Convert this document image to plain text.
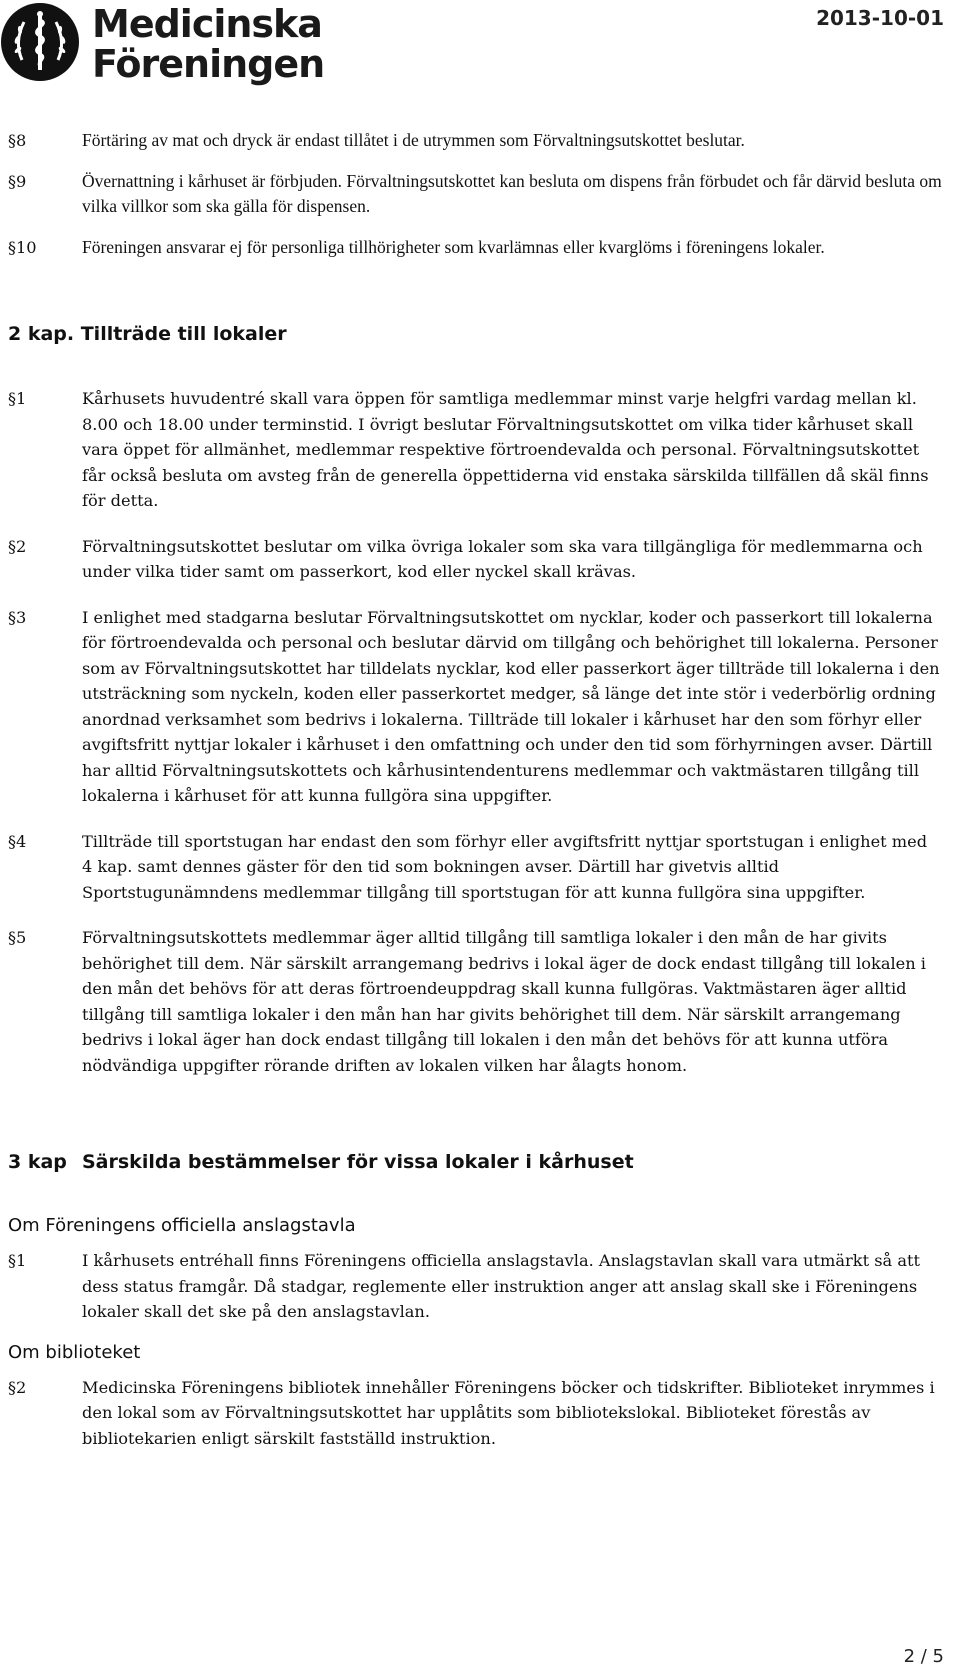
Medicinska
Föreningen
2013-10-01
§8	Förtäring av mat och dryck är endast tillåtet i de utrymmen som Förvaltningsutskottet beslutar.
§9	Övernattning i kårhuset är förbjuden. Förvaltningsutskottet kan besluta om dispens från förbudet och får därvid besluta om vilka villkor som ska gälla för dispensen.
§10	Föreningen ansvarar ej för personliga tillhörigheter som kvarlämnas eller kvarglöms i föreningens lokaler.
2 kap. Tillträde till lokaler
§1	Kårhusets huvudentré skall vara öppen för samtliga medlemmar minst varje helgfri vardag mellan kl. 8.00 och 18.00 under terminstid. I övrigt beslutar Förvaltningsutskottet om vilka tider kårhuset skall vara öppet för allmänhet, medlemmar respektive förtroendevalda och personal. Förvaltningsutskottet får också besluta om avsteg från de generella öppettiderna vid enstaka särskilda tillfällen då skäl finns för detta.
§2	Förvaltningsutskottet beslutar om vilka övriga lokaler som ska vara tillgängliga för medlemmarna och under vilka tider samt om passerkort, kod eller nyckel skall krävas.
§3	I enlighet med stadgarna beslutar Förvaltningsutskottet om nycklar, koder och passerkort till lokalerna för förtroendevalda och personal och beslutar därvid om tillgång och behörighet till lokalerna. Personer som av Förvaltningsutskottet har tilldelats nycklar, kod eller passerkort äger tillträde till lokalerna i den utsträckning som nyckeln, koden eller passerkortet medger, så länge det inte stör i vederbörlig ordning anordnad verksamhet som bedrivs i lokalerna. Tillträde till lokaler i kårhuset har den som förhyr eller avgiftsfritt nyttjar lokaler i kårhuset i den omfattning och under den tid som förhyrningen avser. Därtill har alltid Förvaltningsutskottets och kårhusintendenturens medlemmar och vaktmästaren tillgång till lokalerna i kårhuset för att kunna fullgöra sina uppgifter.
§4	Tillträde till sportstugan har endast den som förhyr eller avgiftsfritt nyttjar sportstugan i enlighet med 4 kap. samt dennes gäster för den tid som bokningen avser. Därtill har givetvis alltid Sportstugunämndens medlemmar tillgång till sportstugan för att kunna fullgöra sina uppgifter.
§5	Förvaltningsutskottets medlemmar äger alltid tillgång till samtliga lokaler i den mån de har givits behörighet till dem. När särskilt arrangemang bedrivs i lokal äger de dock endast tillgång till lokalen i den mån det behövs för att deras förtroendeuppdrag skall kunna fullgöras. Vaktmästaren äger alltid tillgång till samtliga lokaler i den mån han har givits behörighet till dem. När särskilt arrangemang bedrivs i lokal äger han dock endast tillgång till lokalen i den mån det behövs för att kunna utföra nödvändiga uppgifter rörande driften av lokalen vilken har ålagts honom.
3 kap Särskilda bestämmelser för vissa lokaler i kårhuset
Om Föreningens officiella anslagstavla
§1	I kårhusets entréhall finns Föreningens officiella anslagstavla. Anslagstavlan skall vara utmärkt så att dess status framgår. Då stadgar, reglemente eller instruktion anger att anslag skall ske i Föreningens lokaler skall det ske på den anslagstavlan.
Om biblioteket
§2	Medicinska Föreningens bibliotek innehåller Föreningens böcker och tidskrifter. Biblioteket inrymmes i den lokal som av Förvaltningsutskottet har upplåtits som bibliotekslokal. Biblioteket förestås av bibliotekarien enligt särskilt fastställd instruktion.
2 / 5
